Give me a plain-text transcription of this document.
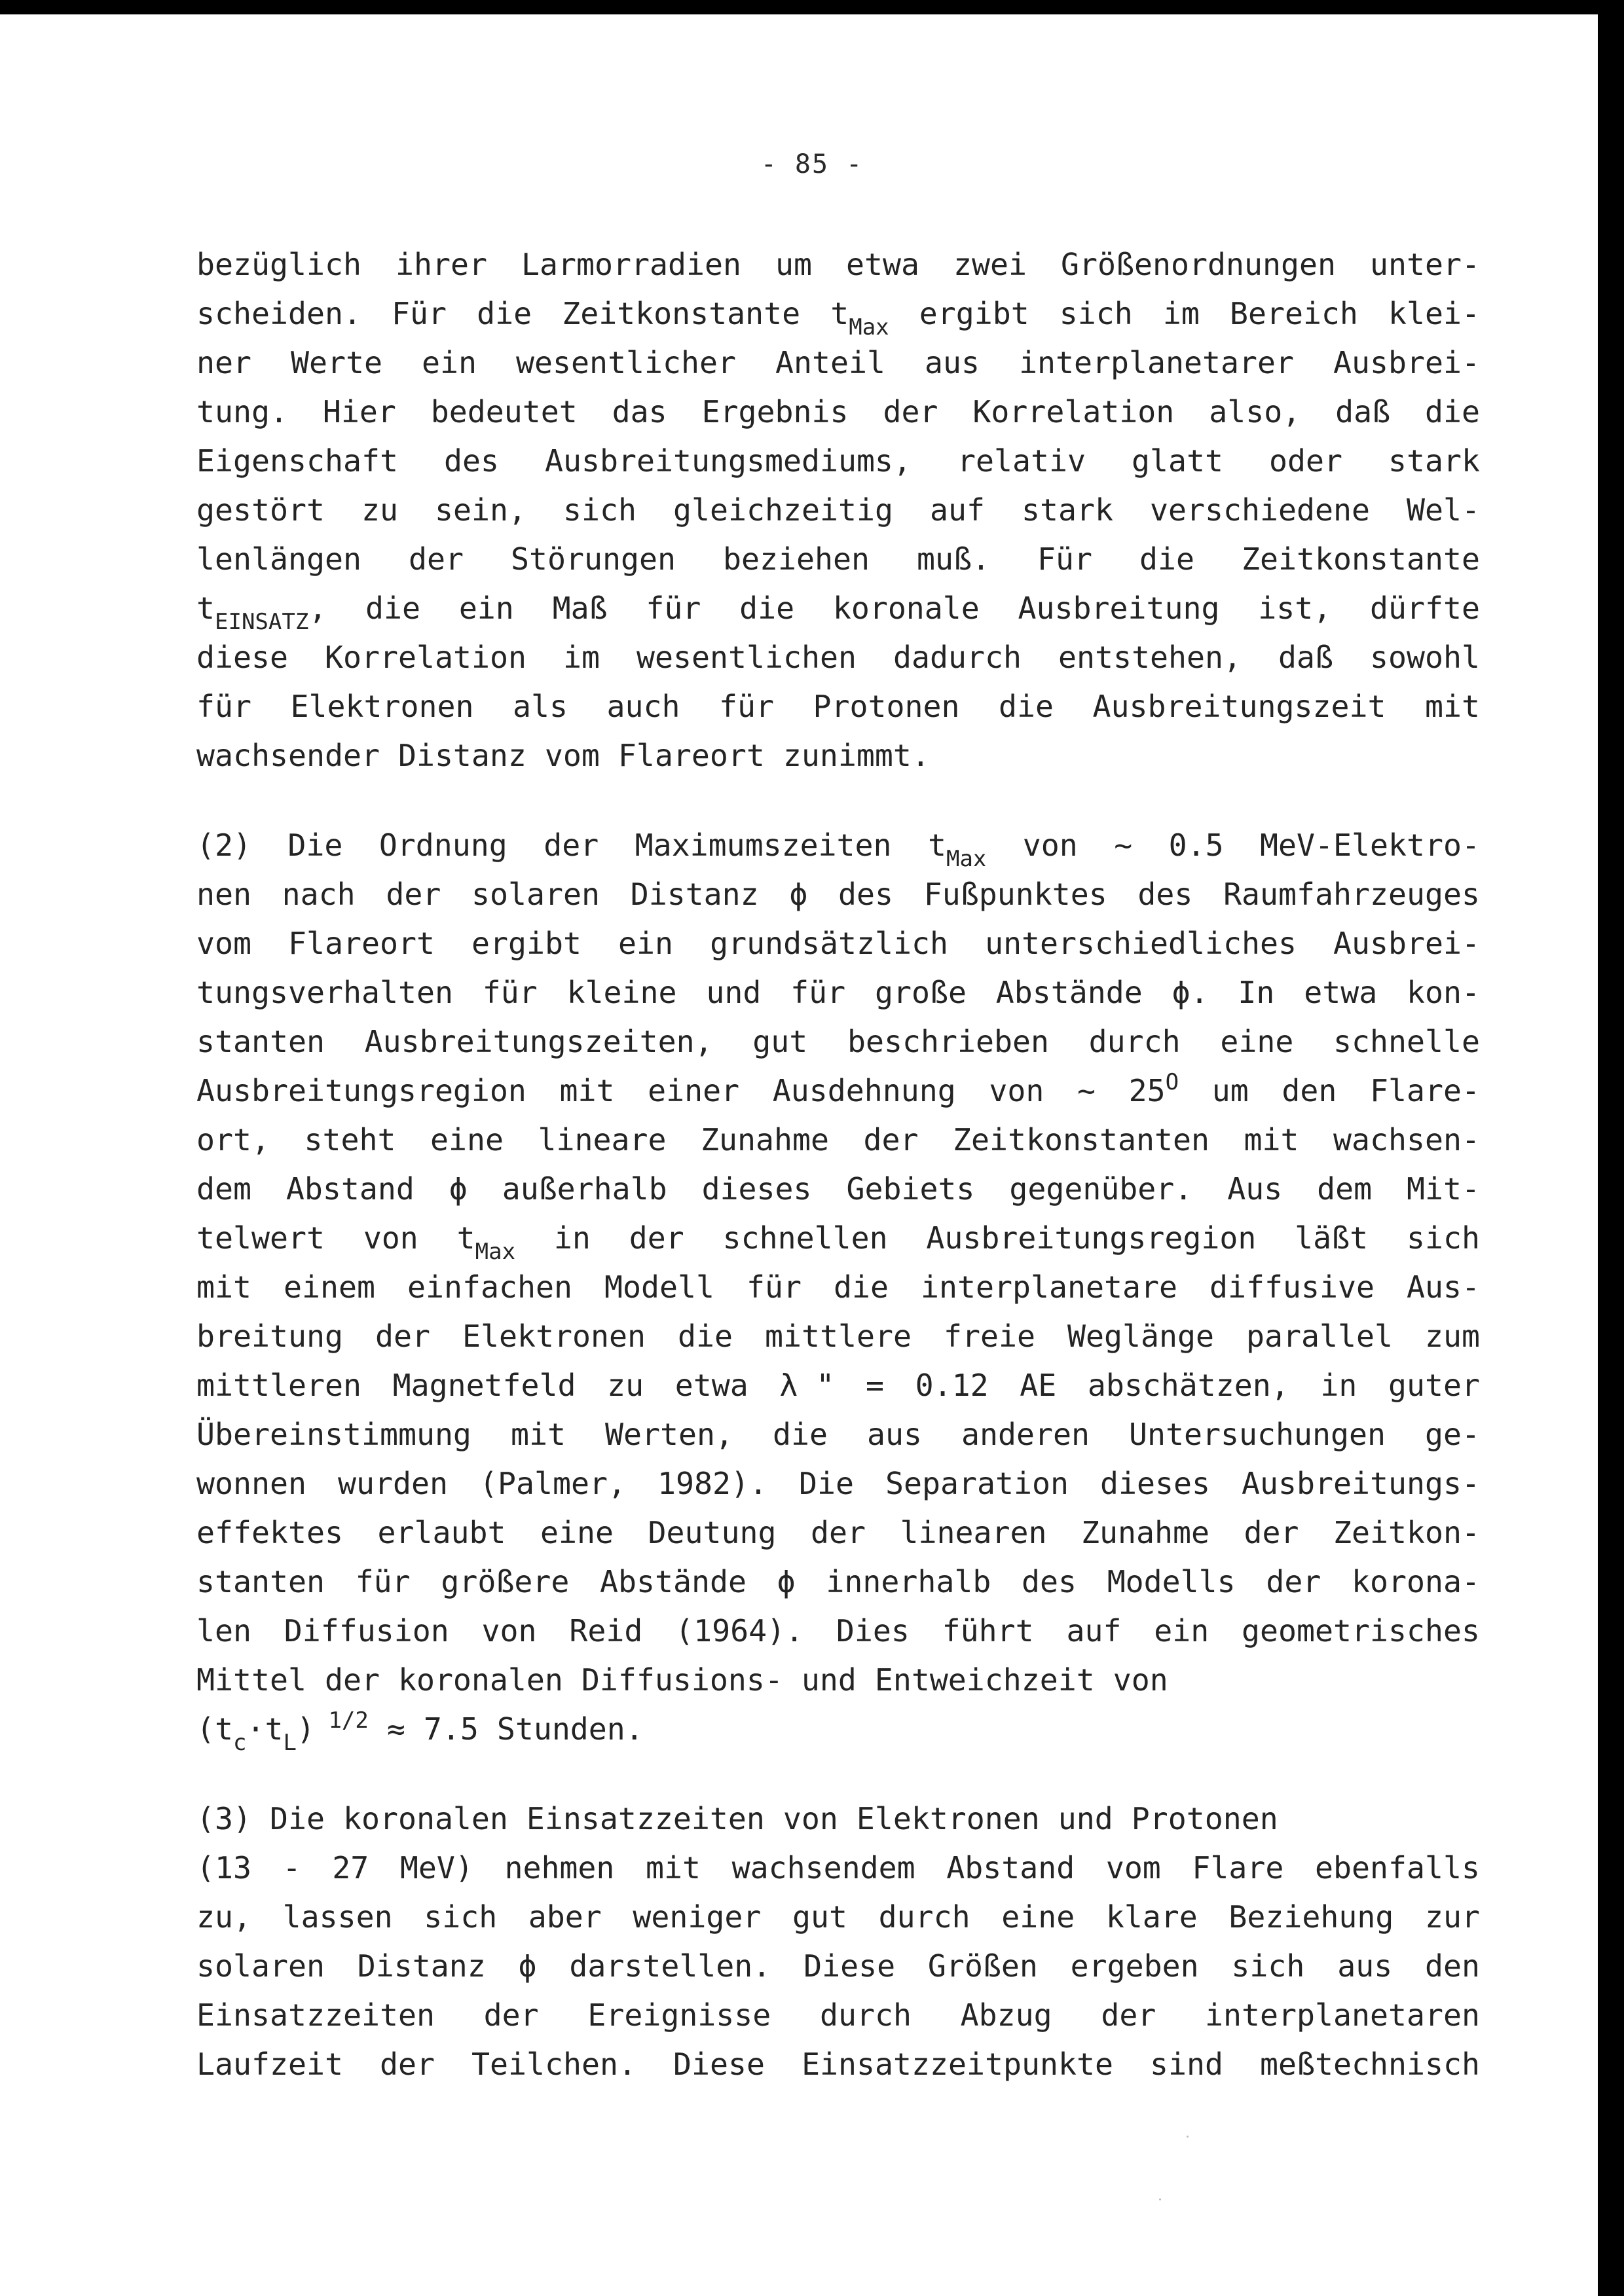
- 85 -
bezüglich ihrer Larmorradien um etwa zwei Größenordnungen unter-
scheiden. Für die Zeitkonstante $t_{Max}$ ergibt sich im Bereich klei-
ner Werte ein wesentlicher Anteil aus interplanetarer Ausbrei-
tung. Hier bedeutet das Ergebnis der Korrelation also, daß die
Eigenschaft des Ausbreitungsmediums, relativ glatt oder stark
gestört zu sein, sich gleichzeitig auf stark verschiedene Wel-
lenlängen der Störungen beziehen muß. Für die Zeitkonstante
$t_{EINSATZ}$, die ein Maß für die koronale Ausbreitung ist, dürfte
diese Korrelation im wesentlichen dadurch entstehen, daß sowohl
für Elektronen als auch für Protonen die Ausbreitungszeit mit
wachsender Distanz vom Flareort zunimmt.
(2) Die Ordnung der Maximumszeiten $t_{Max}$ von ~ 0.5 MeV-Elektro-
nen nach der solaren Distanz ϕ des Fußpunktes des Raumfahrzeuges
vom Flareort ergibt ein grundsätzlich unterschiedliches Ausbrei-
tungsverhalten für kleine und für große Abstände ϕ. In etwa kon-
stanten Ausbreitungszeiten, gut beschrieben durch eine schnelle
Ausbreitungsregion mit einer Ausdehnung von ~ $25^O$ um den Flare-
ort, steht eine lineare Zunahme der Zeitkonstanten mit wachsen-
dem Abstand ϕ außerhalb dieses Gebiets gegenüber. Aus dem Mit-
telwert von $t_{Max}$ in der schnellen Ausbreitungsregion läßt sich
mit einem einfachen Modell für die interplanetare diffusive Aus-
breitung der Elektronen die mittlere freie Weglänge parallel zum
mittleren Magnetfeld zu etwa λ " = 0.12 AE abschätzen, in guter
Übereinstimmung mit Werten, die aus anderen Untersuchungen ge-
wonnen wurden (Palmer, 1982). Die Separation dieses Ausbreitungs-
effektes erlaubt eine Deutung der linearen Zunahme der Zeitkon-
stanten für größere Abstände ϕ innerhalb des Modells der korona-
len Diffusion von Reid (1964). Dies führt auf ein geometrisches
Mittel der koronalen Diffusions- und Entweichzeit von
$(t_c\cdot t_L) ^{1/2} \approx 7.5$ Stunden.
(3) Die koronalen Einsatzzeiten von Elektronen und Protonen
(13 - 27 MeV) nehmen mit wachsendem Abstand vom Flare ebenfalls
zu, lassen sich aber weniger gut durch eine klare Beziehung zur
solaren Distanz ϕ darstellen. Diese Größen ergeben sich aus den
Einsatzzeiten der Ereignisse durch Abzug der interplanetaren
Laufzeit der Teilchen. Diese Einsatzzeitpunkte sind meßtechnisch
